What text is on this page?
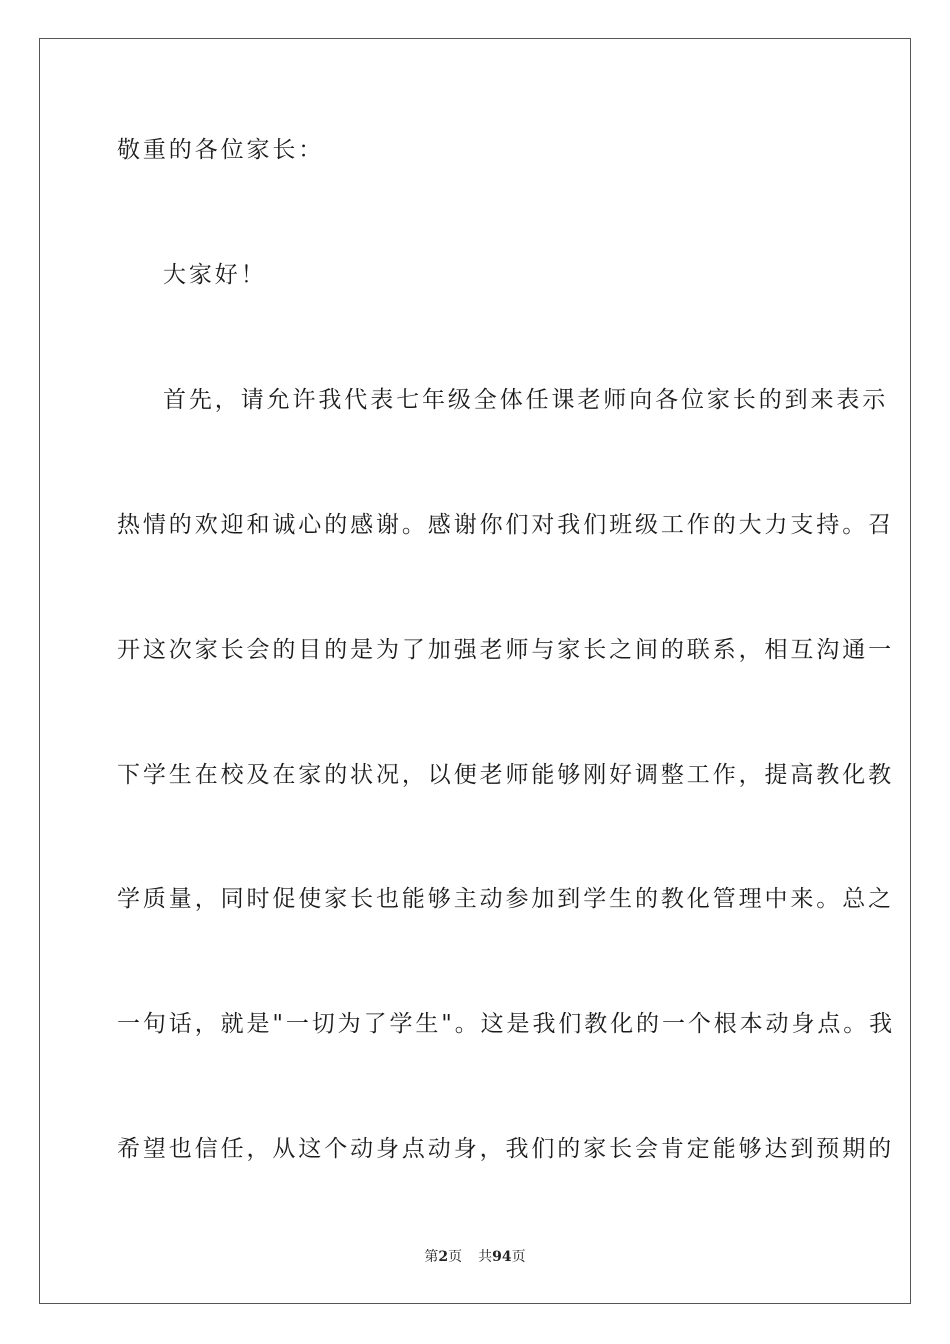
敬重的各位家长：
大家好！
首先，请允许我代表七年级全体任课老师向各位家长的到来表示
热情的欢迎和诚心的感谢。感谢你们对我们班级工作的大力支持。召
开这次家长会的目的是为了加强老师与家长之间的联系，相互沟通一
下学生在校及在家的状况，以便老师能够刚好调整工作，提高教化教
学质量，同时促使家长也能够主动参加到学生的教化管理中来。总之
一句话，就是"一切为了学生"。这是我们教化的一个根本动身点。我
希望也信任，从这个动身点动身，我们的家长会肯定能够达到预期的
第2页 共94页
